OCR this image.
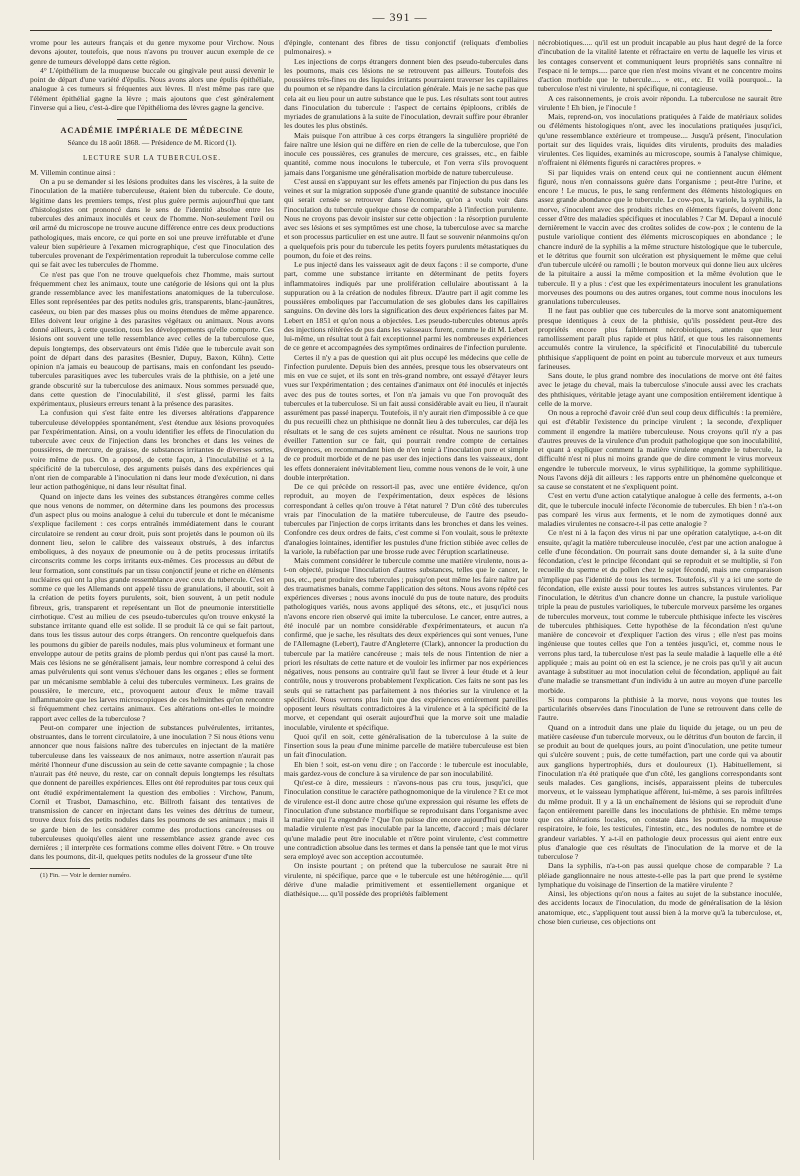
— 391 —

vrome pour les auteurs français et du genre myxome pour Virchow. Nous devons ajouter, toutefois, que nous n'avons pu trouver aucun exemple de ce genre de tumeurs développé dans cette région.

4° L'épithélium de la muqueuse buccale ou gingivale peut aussi devenir le point de départ d'une variété d'épulis. Nous avons alors une épulis épithéliale, analogue à ces tumeurs si fréquentes aux lèvres. Il n'est même pas rare que l'élément épithélial gagne la lèvre ; mais ajoutons que c'est généralement l'inverse qui a lieu, c'est-à-dire que l'épithélioma des lèvres gagne la gencive.

ACADÉMIE IMPÉRIALE DE MÉDECINE
Séance du 18 août 1868. — Présidence de M. Ricord (1).
LECTURE SUR LA TUBERCULOSE.

M. Villemin continue ainsi :

On a pu se demander si les lésions produites dans les viscères, à la suite de l'inoculation de la matière tuberculeuse, étaient bien du tubercule. Ce doute, légitime dans les premiers temps, n'est plus guère permis aujourd'hui que tant d'histologistes ont prononcé dans le sens de l'identité absolue entre les tubercules des animaux inoculés et ceux de l'homme. Non-seulement l'œil ou œil armé du microscope ne trouve aucune différence entre ces deux productions pathologiques, mais encore, ce qui porte en soi une preuve irréfutable et d'une valeur bien supérieure à l'examen micrographique, c'est que l'inoculation des tubercules provenant de l'expérimentation reproduit la tuberculose comme celle qui se fait avec les tubercules de l'homme.

Ce n'est pas que l'on ne trouve quelquefois chez l'homme, mais surtout fréquemment chez les animaux, toute une catégorie de lésions qui ont la plus grande ressemblance avec les manifestations anatomiques de la tuberculose. Elles sont représentées par des petits nodules gris, transparents, blanc-jaunâtres, caséeux, ou bien par des masses plus ou moins étendues de même apparence. Elles doivent leur origine à des parasites végétaux ou animaux. Nous avons donné ailleurs, à cette question, tous les développements qu'elle comporte. Ces lésions ont souvent une telle ressemblance avec celles de la tuberculose que, depuis longtemps, des observateurs ont émis l'idée que le tubercule avait son point de départ dans des parasites (Besnier, Dupuy, Baxon, Kühn). Cette opinion n'a jamais eu beaucoup de partisans, mais en confondant les pseudo-tubercules parasitiques avec les tubercules vrais de la phthisie, on a jeté une grande obscurité sur la tuberculose des animaux. Nous sommes persuadé que, dans cette question de l'inoculabilité, il s'est glissé, parmi les faits expérimentaux, plusieurs erreurs tenant à la présence des parasites.

La confusion qui s'est faite entre les diverses altérations d'apparence tuberculeuse développées spontanément, s'est étendue aux lésions provoquées par l'expérimentation. Ainsi, on a voulu identifier les effets de l'inoculation du tubercule avec ceux de l'injection dans les bronches et dans les veines de poussières, de mercure, de graisse, de substances irritantes de diverses sortes, voire même de pus. On a opposé, de cette façon, à l'inoculabilité et à la spécificité de la tuberculose, des arguments puisés dans des expériences qui n'ont rien de comparable à l'inoculation ni dans leur mode d'exécution, ni dans leur action pathogénique, ni dans leur résultat final.

Quand on injecte dans les veines des substances étrangères comme celles que nous venons de nommer, on détermine dans les poumons des processus d'un aspect plus ou moins analogue à celui du tubercule et dont le mécanisme s'explique facilement : ces corps entraînés immédiatement dans le courant circulatoire se rendent au cœur droit, puis sont projetés dans le poumon où ils donnent lieu, selon le calibre des vaisseaux obstrués, à des infarctus emboliques, à des noyaux de pneumonie ou à de petits processus irritatifs circonscrits comme les corps irritants eux-mêmes. Ces processus au début de leur formation, sont constitués par un tissu conjonctif jeune et riche en éléments nucléaires qui ont la plus grande ressemblance avec ceux du tubercule. C'est en somme ce que les Allemands ont appelé tissu de granulations, il aboutit, soit à la création de petits foyers purulents, soit, bien souvent, à un petit nodule fibreux, gris, transparent et représentant un îlot de pneumonie interstitielle cirrhotique. C'est au milieu de ces pseudo-tubercules qu'on trouve enkysté la substance irritante quand elle est solide. Il se produit là ce qui se fait partout, dans tous les tissus autour des corps étrangers. On rencontre quelquefois dans les poumons du gibier de pareils nodules, mais plus volumineux et formant une enveloppe autour de petits grains de plomb perdus qui n'ont pas causé la mort. Mais ces lésions ne se généralisent jamais, leur nombre correspond à celui des amas pulvérulents qui sont venus s'échouer dans les organes ; elles se forment par un mécanisme semblable à celui des tubercules vermineux. Les grains de poussière, le mercure, etc., provoquent autour d'eux le même travail inflammatoire que les larves microscopiques de ces helminthes qu'on rencontre si fréquemment chez certains animaux. Ces altérations ont-elles le moindre rapport avec celles de la tuberculose ?

Peut-on comparer une injection de substances pulvérulentes, irritantes, obstruantes, dans le torrent circulatoire, à une inoculation ? Si nous étions venu annoncer que nous faisions naître des tubercules en injectant de la matière tuberculeuse dans les vaisseaux de nos animaux, notre assertion n'aurait pas mérité l'honneur d'une discussion au sein de cette savante compagnie ; la chose n'aurait pas été neuve, du reste, car on connaît depuis longtemps les résultats que donnent de pareilles expériences. Elles ont été reproduites par tous ceux qui ont étudié expérimentalement la question des embolies : Virchow, Panum, Cornil et Trasbot, Damaschino, etc. Billroth faisant des tentatives de transmission de cancer en injectant dans les veines des détritus de tumeur, trouve deux fois des petits nodules dans les poumons de ses animaux ; mais il se garde bien de les considérer comme des productions cancéreuses ou tuberculeuses quoiqu'elles aient une ressemblance assez grande avec ces dernières ; il interprète ces formations comme elles doivent l'être. » On trouve dans les poumons, dit-il, quelques petits nodules de la grosseur d'une tête

(1) Fin. — Voir le dernier numéro.

d'épingle, contenant des fibres de tissu conjonctif (reliquats d'embolies pulmonaires). »

Les injections de corps étrangers donnent bien des pseudo-tubercules dans les poumons, mais ces lésions ne se retrouvent pas ailleurs. Toutefois des poussières très-fines ou des liquides irritants pourraient traverser les capillaires du poumon et se répandre dans la circulation générale. Mais je ne sache pas que cela ait eu lieu pour un autre substance que le pus. Les résultats sont tout autres dans l'inoculation du tubercule : l'aspect de certains épiploons, criblés de myriades de granulations à la suite de l'inoculation, devrait suffire pour ébranler les doutes les plus obstinés.

Mais puisque l'on attribue à ces corps étrangers la singulière propriété de faire naître une lésion qui ne diffère en rien de celle de la tuberculose, que l'on inocule ces poussières, ces granules de mercure, ces graisses, etc., en faible quantité, comme nous inoculons le tubercule, et l'on verra s'ils provoquent jamais dans l'organisme une généralisation morbide de nature tuberculeuse.

C'est aussi en s'appuyant sur les effets amenés par l'injection du pus dans les veines et sur la migration supposée d'une grande quantité de substance inoculée qui serait censée se retrouver dans l'économie, qu'on a voulu voir dans l'inoculation du tubercule quelque chose de comparable à l'infection purulente. Nous ne croyons pas devoir insister sur cette objection : la résorption purulente avec ses lésions et ses symptômes est une chose, la tuberculose avec sa marche et son processus particulier en est une autre. Il faut se souvenir néanmoins qu'on a quelquefois pris pour du tubercule les petits foyers purulents métastatiques du poumon, du foie et des reins.

Le pus injecté dans les vaisseaux agit de deux façons : il se comporte, d'une part, comme une substance irritante en déterminant de petits foyers inflammatoires indiqués par une prolifération cellulaire aboutissant à la suppuration ou à la création de nodules fibreux. D'autre part il agit comme les poussières emboliques par l'accumulation de ses globules dans les capillaires sanguins. On devine dès lors la signification des deux expériences faites par M. Lebert en 1851 et qu'on nous a objectées. Les pseudo-tubercules obtenus après des injections réitérées de pus dans les vaisseaux furent, comme le dit M. Lebert lui-même, un résultat tout à fait exceptionnel parmi les nombreuses expériences de ce genre et accompagnées des symptômes ordinaires de l'infection purulente.

Certes il n'y a pas de question qui ait plus occupé les médecins que celle de l'infection purulente. Depuis bien des années, presque tous les observateurs ont mis en vue ce sujet, et ils sont en très-grand nombre, ont essayé d'étayer leurs vues sur l'expérimentation ; des centaines d'animaux ont été inoculés et injectés avec des pus de toutes sortes, et l'on n'a jamais vu que l'on provoquât des tubercules et la tuberculose. Si un fait aussi considérable avait eu lieu, il n'aurait assurément pas passé inaperçu. Toutefois, il n'y aurait rien d'impossible à ce que du pus recueilli chez un phthisique ne donnât lieu à des tubercules, car déjà les résultats et le sang de ces sujets amènent ce résultat. Nous ne saurions trop éveiller l'attention sur ce fait, qui pourrait rendre compte de certaines divergences, en recommandant bien de n'en tenir à l'inoculation pure et simple de ce produit morbide et de ne pas user des injections dans les vaisseaux, dont les effets donneraient inévitablement lieu, comme nous venons de le voir, à une double interprétation.

De ce qui précède on ressort-il pas, avec une entière évidence, qu'on reproduit, au moyen de l'expérimentation, deux espèces de lésions correspondant à celles qu'on trouve à l'état naturel ? D'un côté des tubercules vrais par l'inoculation de la matière tuberculeuse, de l'autre des pseudo-tubercules par l'injection de corps irritants dans les bronches et dans les veines. Confondre ces deux ordres de faits, c'est comme si l'on voulait, sous le prétexte d'analogies lointaines, identifier les pustules d'une friction stibiée avec celles de la variole, la rubéfaction par une brosse rude avec l'éruption scarlatineuse.

Mais comment considérer le tubercule comme une matière virulente, nous a-t-on objecté, puisque l'inoculation d'autres substances, telles que le cancer, le pus, etc., peut produire des tubercules ; puisqu'on peut même les faire naître par des traumatismes banals, comme l'application des sétons. Nous avons répété ces expériences diverses ; nous avons inoculé du pus de toute nature, des produits pathologiques variés, nous avons appliqué des sétons, etc., et jusqu'ici nous n'avons encore rien observé qui imite la tuberculose. Le cancer, entre autres, a été inoculé par un nombre considérable d'expérimentateurs, et aucun n'a confirmé, que je sache, les résultats des deux expériences qui sont venues, l'une de l'Allemagne (Lebert), l'autre d'Angleterre (Clark), annoncer la production du tubercule par la matière cancéreuse ; mais tels de nous l'intention de nier a priori les résultats de cette nature et de vouloir les infirmer par nos expériences négatives, nous pensons au contraire qu'il faut se livrer à leur étude et à leur contrôle, nous y trouverons probablement l'explication. Ces faits ne sont pas les seuls qui se rattachent pas parfaitement à nos théories sur la virulence et la spécificité. Nous verrons plus loin que des expériences entièrement pareilles opposent leurs résultats contradictoires à la virulence et à la spécificité de la morve, et cependant qui oserait aujourd'hui que la morve soit une maladie inoculable, virulente et spécifique.

Quoi qu'il en soit, cette généralisation de la tuberculose à la suite de l'insertion sous la peau d'une minime parcelle de matière tuberculeuse est bien un fait d'inoculation.

Eh bien ! soit, est-on venu dire ; on l'accorde : le tubercule est inoculable, mais gardez-vous de conclure à sa virulence de par son inoculabilité.

Qu'est-ce à dire, messieurs : n'avons-nous pas cru tous, jusqu'ici, que l'inoculation constitue le caractère pathognomonique de la virulence ? Et ce mot de virulence est-il donc autre chose qu'une expression qui résume les effets de l'inoculation d'une substance morbifique se reproduisant dans l'organisme avec la matière qui l'a engendrée ? Que l'on puisse dire encore aujourd'hui que toute maladie virulente n'est pas inoculable par la lancette, d'accord ; mais déclarer qu'une maladie peut être inoculable et n'être point virulente, c'est commettre une contradiction absolue dans les termes et dans la pensée tant que le mot virus sera employé avec son acception accoutumée.

On insiste pourtant ; on prétend que la tuberculose ne saurait être ni virulente, ni spécifique, parce que « le tubercule est une hétérogénie..... qu'il dérive d'une maladie primitivement et essentiellement organique et diathésique..... qu'il possède des propriétés faiblement

nécrobiotiques..... qu'il est un produit incapable au plus haut degré de la force d'incubation de la vitalité latente et réfractaire en vertu de laquelle les virus et les contages conservent et communiquent leurs propriétés sans connaître ni l'espace ni le temps..... parce que rien n'est moins vivant et ne concentre moins d'action morbide que le tubercule..... » etc., etc. Et voilà pourquoi... la tuberculose n'est ni virulente, ni spécifique, ni contagieuse.

A ces raisonnements, je crois avoir répondu. La tuberculose ne saurait être virulente ! Eh bien, je l'inocule !

Mais, reprend-on, vos inoculations pratiquées à l'aide de matériaux solides ou d'éléments histologiques n'ont, avec les inoculations pratiquées jusqu'ici, qu'une ressemblance extérieure et trompeuse.... Jusqu'à présent, l'inoculation portait sur des liquides vrais, liquides dits virulents, produits des maladies virulentes. Ces liquides, examinés au microscope, soumis à l'analyse chimique, n'offraient ni éléments figurés ni caractères propres. »

Si par liquides vrais on entend ceux qui ne contiennent aucun élément figuré, nous n'en connaissons guère dans l'organisme ; peut-être l'urine, et encore ! Le mucus, le pus, le sang renferment des éléments histologiques en assez grande abondance que le tubercule. Le cow-pox, la variole, la syphilis, la morve, s'inoculent avec des produits riches en éléments figurés, doivent donc cesser d'être des maladies spécifiques et inoculables ? Car M. Depaul a inoculé dernièrement le vaccin avec des croûtes solides de cow-pox ; le contenu de la pustule variolique contient des éléments microscopiques en abondance ; le chancre induré de la syphilis a la même structure histologique que le tubercule, et le détritus que fournit son ulcération est physiquement le même que celui d'un tubercule ulcéré ou ramolli ; le bouton morveux qui donne lieu aux ulcères de la pituitaire a aussi la même composition et la même évolution que le tubercule. Il y a plus : c'est que les expérimentateurs inoculent les granulations morveuses des poumons ou des autres organes, tout comme nous inoculons les granulations tuberculeuses.

Il ne faut pas oublier que ces tubercules de la morve sont anatomiquement presque identiques à ceux de la phthisie, qu'ils possèdent peut-être des propriétés encore plus faiblement nécrobiotiques, attendu que leur ramollissement paraît plus rapide et plus hâtif, et que tous les raisonnements accumulés contre la virulence, la spécificité et l'inoculabilité du tubercule phthisique s'appliquent de point en point au tubercule morveux et aux tumeurs farineuses.

Sans doute, le plus grand nombre des inoculations de morve ont été faites avec le jetage du cheval, mais la tuberculose s'inocule aussi avec les crachats des phthisiques, véritable jetage ayant une composition entièrement identique à celle de la morve.

On nous a reproché d'avoir créé d'un seul coup deux difficultés : la première, qui est d'établir l'existence du principe virulent ; la seconde, d'expliquer comment il engendre la matière tuberculeuse. Nous croyons qu'il n'y a pas d'autres preuves de la virulence d'un produit pathologique que son inoculabilité, et quant à expliquer comment la matière virulente engendre le tubercule, la difficulté n'est ni plus ni moins grande que de dire comment le virus morveux engendre le tubercule morveux, le virus syphilitique, la gomme syphilitique. Nous l'avons déjà dit ailleurs : les rapports entre un phénomène quelconque et sa cause se constatent et ne s'expliquent point.

C'est en vertu d'une action catalytique analogue à celle des ferments, a-t-on dit, que le tubercule inoculé infecte l'économie de tubercules. Eh bien ! n'a-t-on pas comparé les virus aux ferments, et le nom de zymotiques donné aux maladies virulentes ne consacre-t-il pas cette analogie ?

Ce n'est ni à la façon des virus ni par une opération catalytique, a-t-on dit ensuite, qu'agit la matière tuberculeuse inoculée, c'est par une action analogue à celle d'une fécondation. On pourrait sans doute demander si, à la suite d'une fécondation, c'est le principe fécondant qui se reproduit et se multiplie, si l'on recueille du sperme et du pollen chez le sujet fécondé, mais une comparaison n'implique pas l'identité de tous les termes. Toutefois, s'il y a ici une sorte de fécondation, elle existe aussi pour toutes les autres substances virulentes. Par l'inoculation, le détritus d'un chancre donne un chancre, la pustule variolique triple la peau de pustules varioliques, le tubercule morveux parsème les organes de tubercules morveux, tout comme le tubercule phthisique infecte les viscères de tubercules phthisiques. Cette hypothèse de la fécondation n'est qu'une manière de concevoir et d'expliquer l'action des virus ; elle n'est pas moins ingénieuse que toutes celles que l'on a tentées jusqu'ici, et, comme nous le verrons plus tard, la tuberculose n'est pas la seule maladie à laquelle elle a été appliquée ; mais au point où en est la science, je ne crois pas qu'il y ait aucun avantage à substituer au mot inoculation celui de fécondation, appliqué au fait d'une maladie se transmettant d'un individu à un autre au moyen d'une parcelle morbide.

Si nous comparons la phthisie à la morve, nous voyons que toutes les particularités observées dans l'inoculation de l'une se retrouvent dans celle de l'autre.

Quand on a introduit dans une plaie du liquide du jetage, ou un peu de matière caséeuse d'un tubercule morveux, ou le détritus d'un bouton de farcin, il se produit au bout de quelques jours, au point d'inoculation, une petite tumeur qui s'ulcère souvent ; puis, de cette tuméfaction, part une corde qui va aboutir aux ganglions hypertrophiés, durs et douloureux (1). Habituellement, si l'inoculation n'a été pratiquée que d'un côté, les ganglions correspondants sont seuls malades. Ces ganglions, incisés, apparaissent pleins de tubercules morveux, et le vaisseau lymphatique afférent, lui-même, à ses parois infiltrées du même produit. Il y a là un enchaînement de lésions qui se reproduit d'une façon entièrement pareille dans les inoculations de phthisie. En même temps que ces altérations locales, on constate dans les poumons, la muqueuse respiratoire, le foie, les testicules, l'intestin, etc., des nodules de nombre et de grandeur variables. Y a-t-il en pathologie deux processus qui aient entre eux plus d'analogie que ces résultats de l'inoculation de la morve et de la tuberculose ?

Dans la syphilis, n'a-t-on pas aussi quelque chose de comparable ? La pléiade ganglionnaire ne nous atteste-t-elle pas la part que prend le système lymphatique du voisinage de l'insertion de la matière virulente ?

Ainsi, les objections qu'on nous a faites au sujet de la substance inoculée, des accidents locaux de l'inoculation, du mode de généralisation de la lésion anatomique, etc., s'appliquent tout aussi bien à la morve qu'à la tuberculose, et, chose bien curieuse, ces objections ont
